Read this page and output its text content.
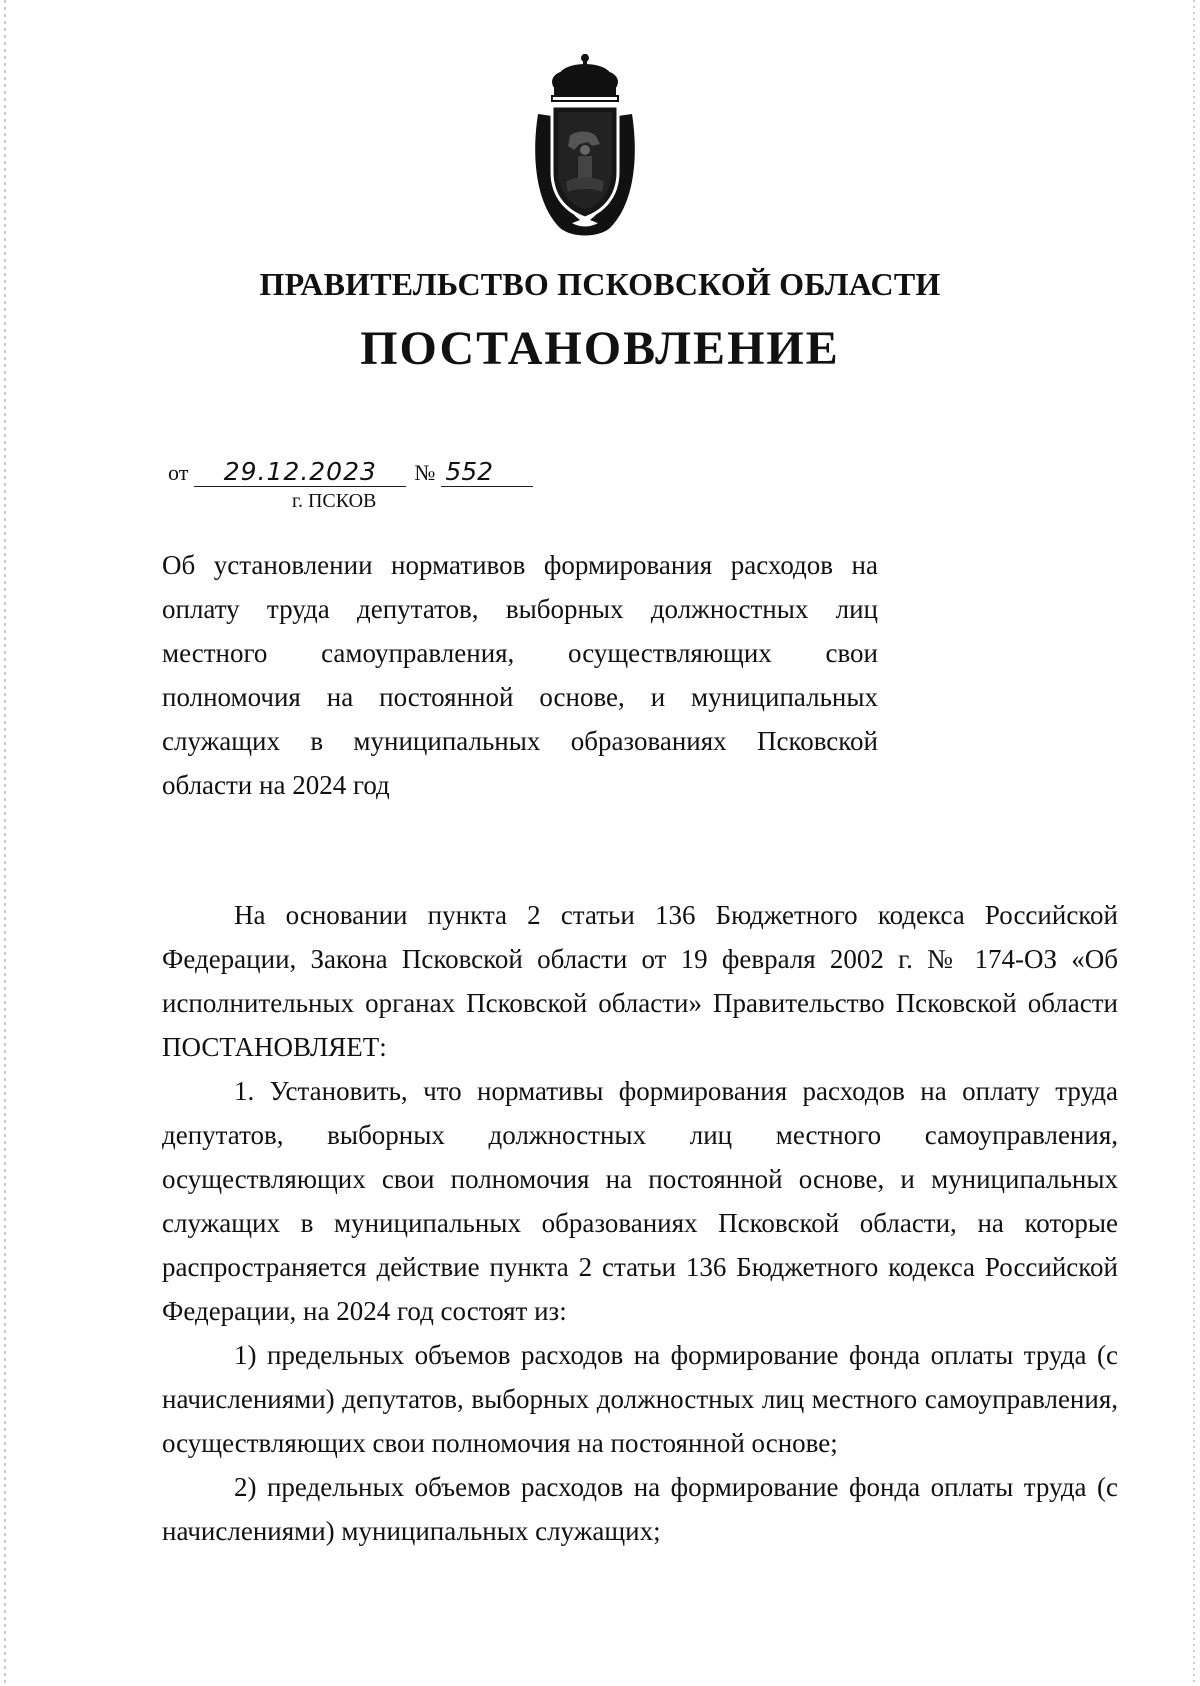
ПРАВИТЕЛЬСТВО ПСКОВСКОЙ ОБЛАСТИ
ПОСТАНОВЛЕНИЕ
от 29.12.2023 № 552
г. ПСКОВ
Об установлении нормативов формирования расходов на оплату труда депутатов, выборных должностных лиц местного самоуправления, осуществляющих свои полномочия на постоянной основе, и муниципальных служащих в муниципальных образованиях Псковской области на 2024 год

На основании пункта 2 статьи 136 Бюджетного кодекса Российской Федерации, Закона Псковской области от 19 февраля 2002 г. № 174-ОЗ «Об исполнительных органах Псковской области» Правительство Псковской области ПОСТАНОВЛЯЕТ:

1. Установить, что нормативы формирования расходов на оплату труда депутатов, выборных должностных лиц местного самоуправления, осуществляющих свои полномочия на постоянной основе, и муниципальных служащих в муниципальных образованиях Псковской области, на которые распространяется действие пункта 2 статьи 136 Бюджетного кодекса Российской Федерации, на 2024 год состоят из:

1) предельных объемов расходов на формирование фонда оплаты труда (с начислениями) депутатов, выборных должностных лиц местного самоуправления, осуществляющих свои полномочия на постоянной основе;

2) предельных объемов расходов на формирование фонда оплаты труда (с начислениями) муниципальных служащих;
